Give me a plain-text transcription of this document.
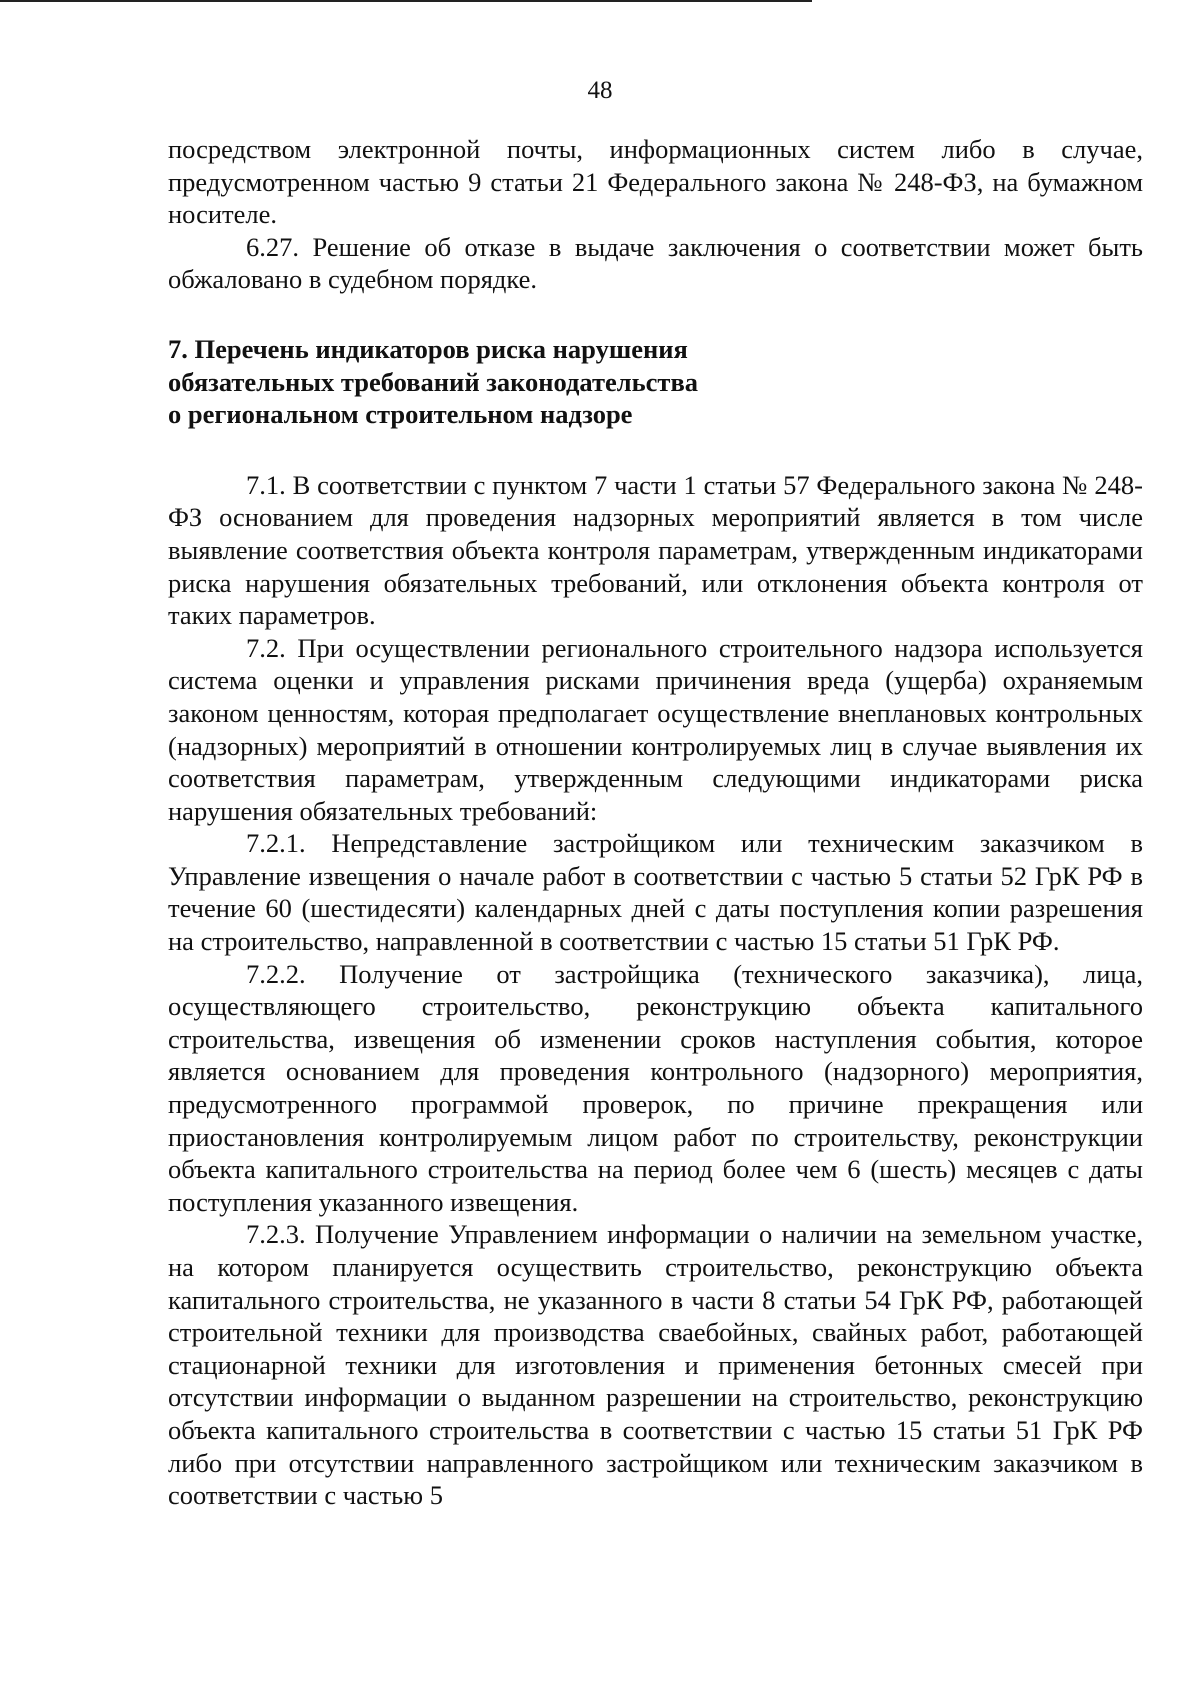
48

посредством электронной почты, информационных систем либо в случае, предусмотренном частью 9 статьи 21 Федерального закона № 248-ФЗ, на бумажном носителе.

6.27. Решение об отказе в выдаче заключения о соответствии может быть обжаловано в судебном порядке.

7. Перечень индикаторов риска нарушения

обязательных требований законодательства

о региональном строительном надзоре

7.1. В соответствии с пунктом 7 части 1 статьи 57 Федерального закона № 248-ФЗ основанием для проведения надзорных мероприятий является в том числе выявление соответствия объекта контроля параметрам, утвержденным индикаторами риска нарушения обязательных требований, или отклонения объекта контроля от таких параметров.

7.2. При осуществлении регионального строительного надзора используется система оценки и управления рисками причинения вреда (ущерба) охраняемым законом ценностям, которая предполагает осуществление внеплановых контрольных (надзорных) мероприятий в отношении контролируемых лиц в случае выявления их соответствия параметрам, утвержденным следующими индикаторами риска нарушения обязательных требований:

7.2.1. Непредставление застройщиком или техническим заказчиком в Управление извещения о начале работ в соответствии с частью 5 статьи 52 ГрК РФ в течение 60 (шестидесяти) календарных дней с даты поступления копии разрешения на строительство, направленной в соответствии с частью 15 статьи 51 ГрК РФ.

7.2.2. Получение от застройщика (технического заказчика), лица, осуществляющего строительство, реконструкцию объекта капитального строительства, извещения об изменении сроков наступления события, которое является основанием для проведения контрольного (надзорного) мероприятия, предусмотренного программой проверок, по причине прекращения или приостановления контролируемым лицом работ по строительству, реконструкции объекта капитального строительства на период более чем 6 (шесть) месяцев с даты поступления указанного извещения.

7.2.3. Получение Управлением информации о наличии на земельном участке, на котором планируется осуществить строительство, реконструкцию объекта капитального строительства, не указанного в части 8 статьи 54 ГрК РФ, работающей строительной техники для производства сваебойных, свайных работ, работающей стационарной техники для изготовления и применения бетонных смесей при отсутствии информации о выданном разрешении на строительство, реконструкцию объекта капитального строительства в соответствии с частью 15 статьи 51 ГрК РФ либо при отсутствии направленного застройщиком или техническим заказчиком в соответствии с частью 5
